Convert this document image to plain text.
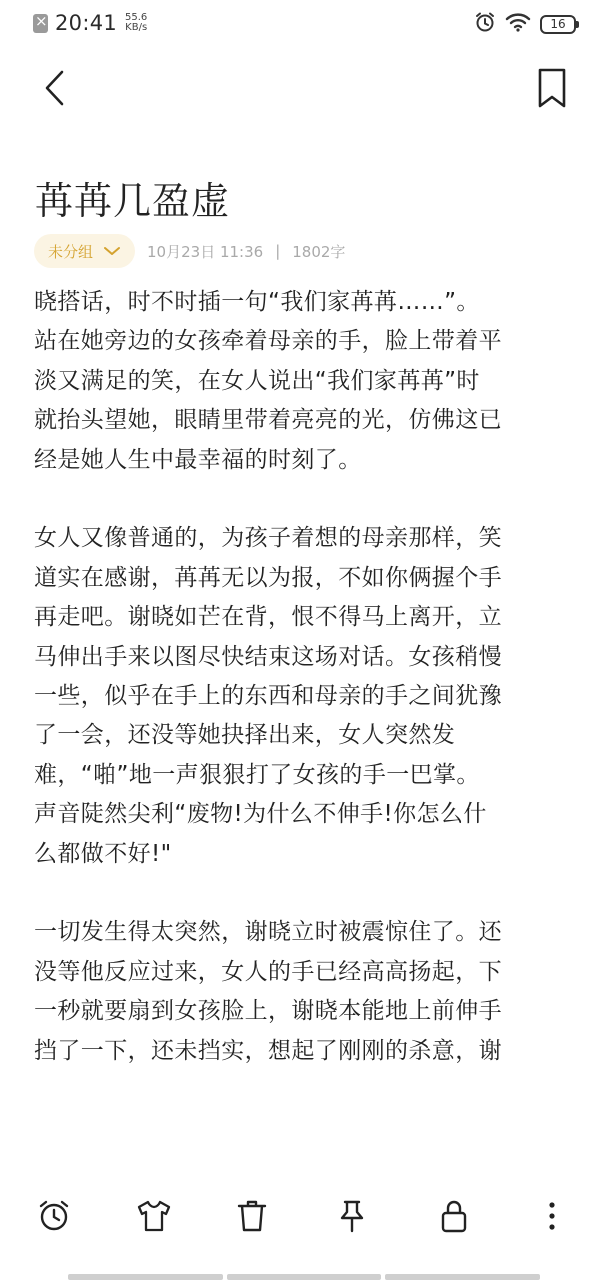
×
20:41 55.6
KB/s	16
苒苒几盈虚
未分组	10月23日 11:36 | 1802字

晓搭话，时不时插一句“我们家苒苒……”。
站在她旁边的女孩牵着母亲的手，脸上带着平
淡又满足的笑，在女人说出“我们家苒苒”时
就抬头望她，眼睛里带着亮亮的光，仿佛这已
经是她人生中最幸福的时刻了。

女人又像普通的，为孩子着想的母亲那样，笑
道实在感谢，苒苒无以为报，不如你俩握个手
再走吧。谢晓如芒在背，恨不得马上离开，立
马伸出手来以图尽快结束这场对话。女孩稍慢
一些，似乎在手上的东西和母亲的手之间犹豫
了一会，还没等她抉择出来，女人突然发
难，“啪”地一声狠狠打了女孩的手一巴掌。
声音陡然尖利“废物!为什么不伸手!你怎么什
么都做不好!"

一切发生得太突然，谢晓立时被震惊住了。还
没等他反应过来，女人的手已经高高扬起，下
一秒就要扇到女孩脸上，谢晓本能地上前伸手
挡了一下，还未挡实，想起了刚刚的杀意，谢
